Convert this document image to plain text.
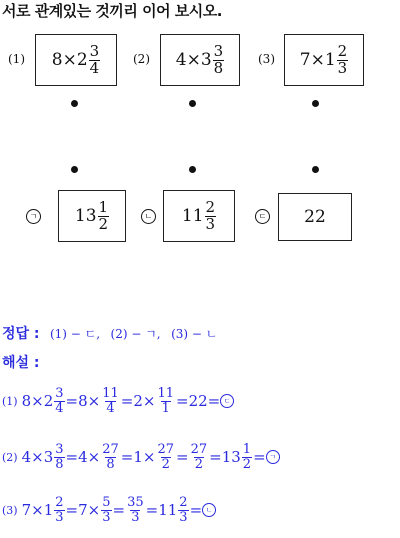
서로 관계있는 것끼리 이어 보시오.
(1) $8\times 2 \frac{3}{4}$	(2) $4\times 3 \frac{3}{8}$	(3) $7\times 1 \frac{2}{3}$
ㄱ $13 \frac{1}{2}$	ㄴ $11 \frac{2}{3}$	ㄷ 22
정답 : (1) − ㄷ, (2) − ㄱ, (3) − ㄴ
해설 :
(1) $8\times 2 \frac{3}{4} =8\times \frac{11}{4} =2\times \frac{11}{1} =22=$ ㄷ
(2) $4\times 3 \frac{3}{8} =4\times \frac{27}{8} =1\times \frac{27}{2} = \frac{27}{2} =13 \frac{1}{2}$ = ㄱ
(3) $7\times 1 \frac{2}{3} =7\times \frac{5}{3} = \frac{35}{3} =11 \frac{2}{3}$ = ㄴ
